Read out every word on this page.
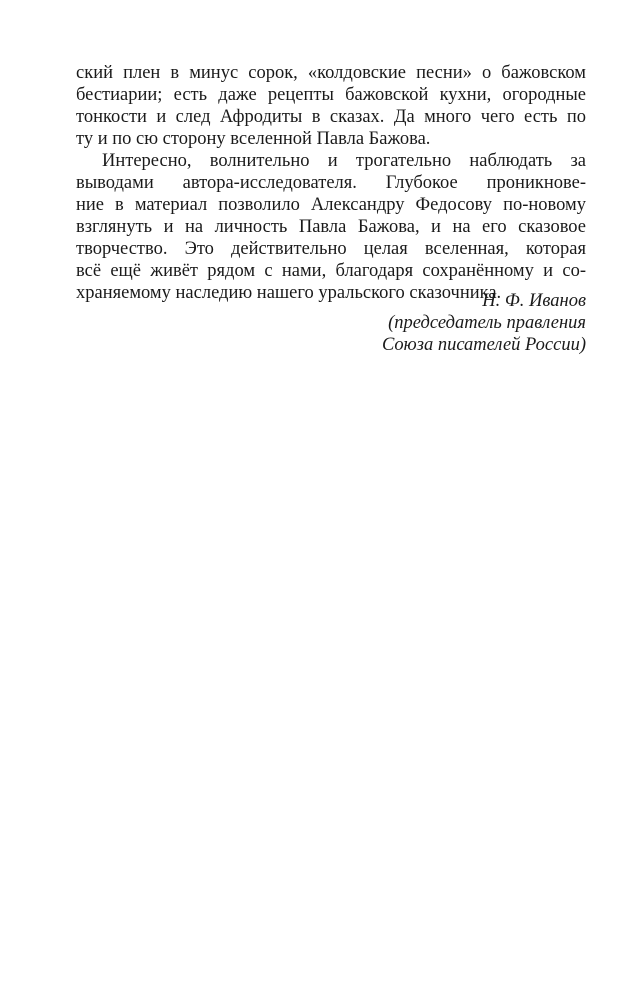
ский плен в минус сорок, «колдовские песни» о бажовском
бестиарии; есть даже рецепты бажовской кухни, огородные
тонкости и след Афродиты в сказах. Да много чего есть по
ту и по сю сторону вселенной Павла Бажова.

Интересно, волнительно и трогательно наблюдать за
выводами автора-исследователя. Глубокое проникнове-
ние в материал позволило Александру Федосову по-новому
взглянуть и на личность Павла Бажова, и на его сказовое
творчество. Это действительно целая вселенная, которая
всё ещё живёт рядом с нами, благодаря сохранённому и со-
храняемому наследию нашего уральского сказочника.

Н. Ф. Иванов
(председатель правления
Союза писателей России)
